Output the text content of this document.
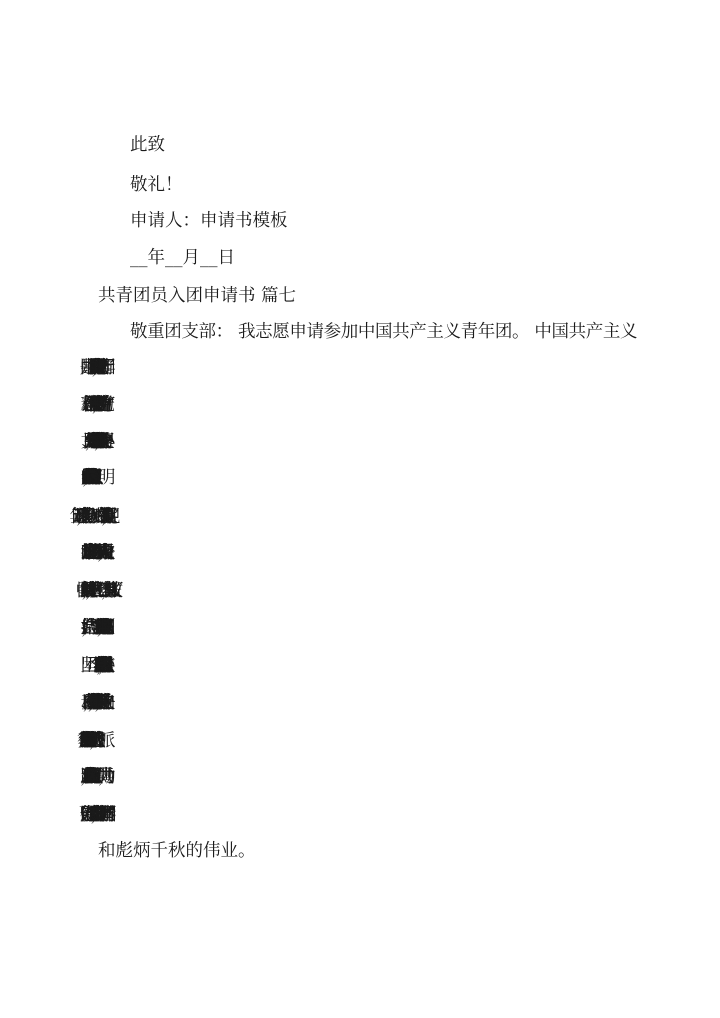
此致
敬礼！
申请人：申请书模板
__年__月__日
共青团员入团申请书 篇七
敬重团支部： 我志愿申请参加中国共产主义青年团。 中国共产主义
和彪炳千秋的伟业。
